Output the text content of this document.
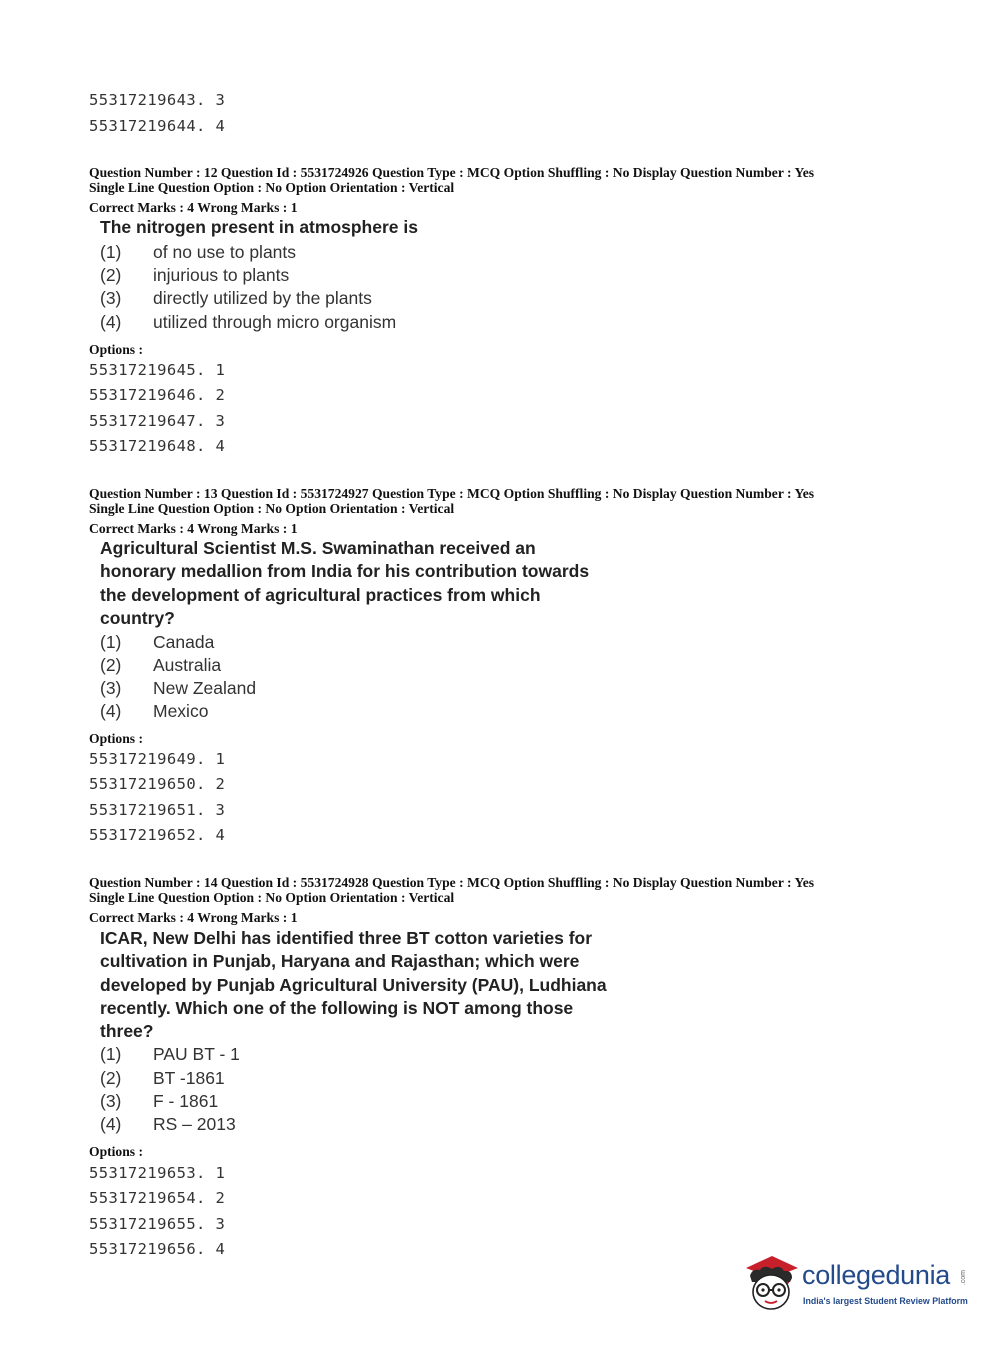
55317219643. 3
55317219644. 4
Question Number : 12 Question Id : 5531724926 Question Type : MCQ Option Shuffling : No Display Question Number : Yes
Single Line Question Option : No Option Orientation : Vertical
Correct Marks : 4 Wrong Marks : 1
The nitrogen present in atmosphere is
(1) of no use to plants
(2) injurious to plants
(3) directly utilized by the plants
(4) utilized through micro organism
Options :
55317219645. 1
55317219646. 2
55317219647. 3
55317219648. 4
Question Number : 13 Question Id : 5531724927 Question Type : MCQ Option Shuffling : No Display Question Number : Yes
Single Line Question Option : No Option Orientation : Vertical
Correct Marks : 4 Wrong Marks : 1
Agricultural Scientist M.S. Swaminathan received an
honorary medallion from India for his contribution towards
the development of agricultural practices from which
country?
(1) Canada
(2) Australia
(3) New Zealand
(4) Mexico
Options :
55317219649. 1
55317219650. 2
55317219651. 3
55317219652. 4
Question Number : 14 Question Id : 5531724928 Question Type : MCQ Option Shuffling : No Display Question Number : Yes
Single Line Question Option : No Option Orientation : Vertical
Correct Marks : 4 Wrong Marks : 1
ICAR, New Delhi has identified three BT cotton varieties for
cultivation in Punjab, Haryana and Rajasthan; which were
developed by Punjab Agricultural University (PAU), Ludhiana
recently. Which one of the following is NOT among those
three?
(1) PAU BT - 1
(2) BT -1861
(3) F - 1861
(4) RS – 2013
Options :
55317219653. 1
55317219654. 2
55317219655. 3
55317219656. 4
collegedunia .com
India's largest Student Review Platform
